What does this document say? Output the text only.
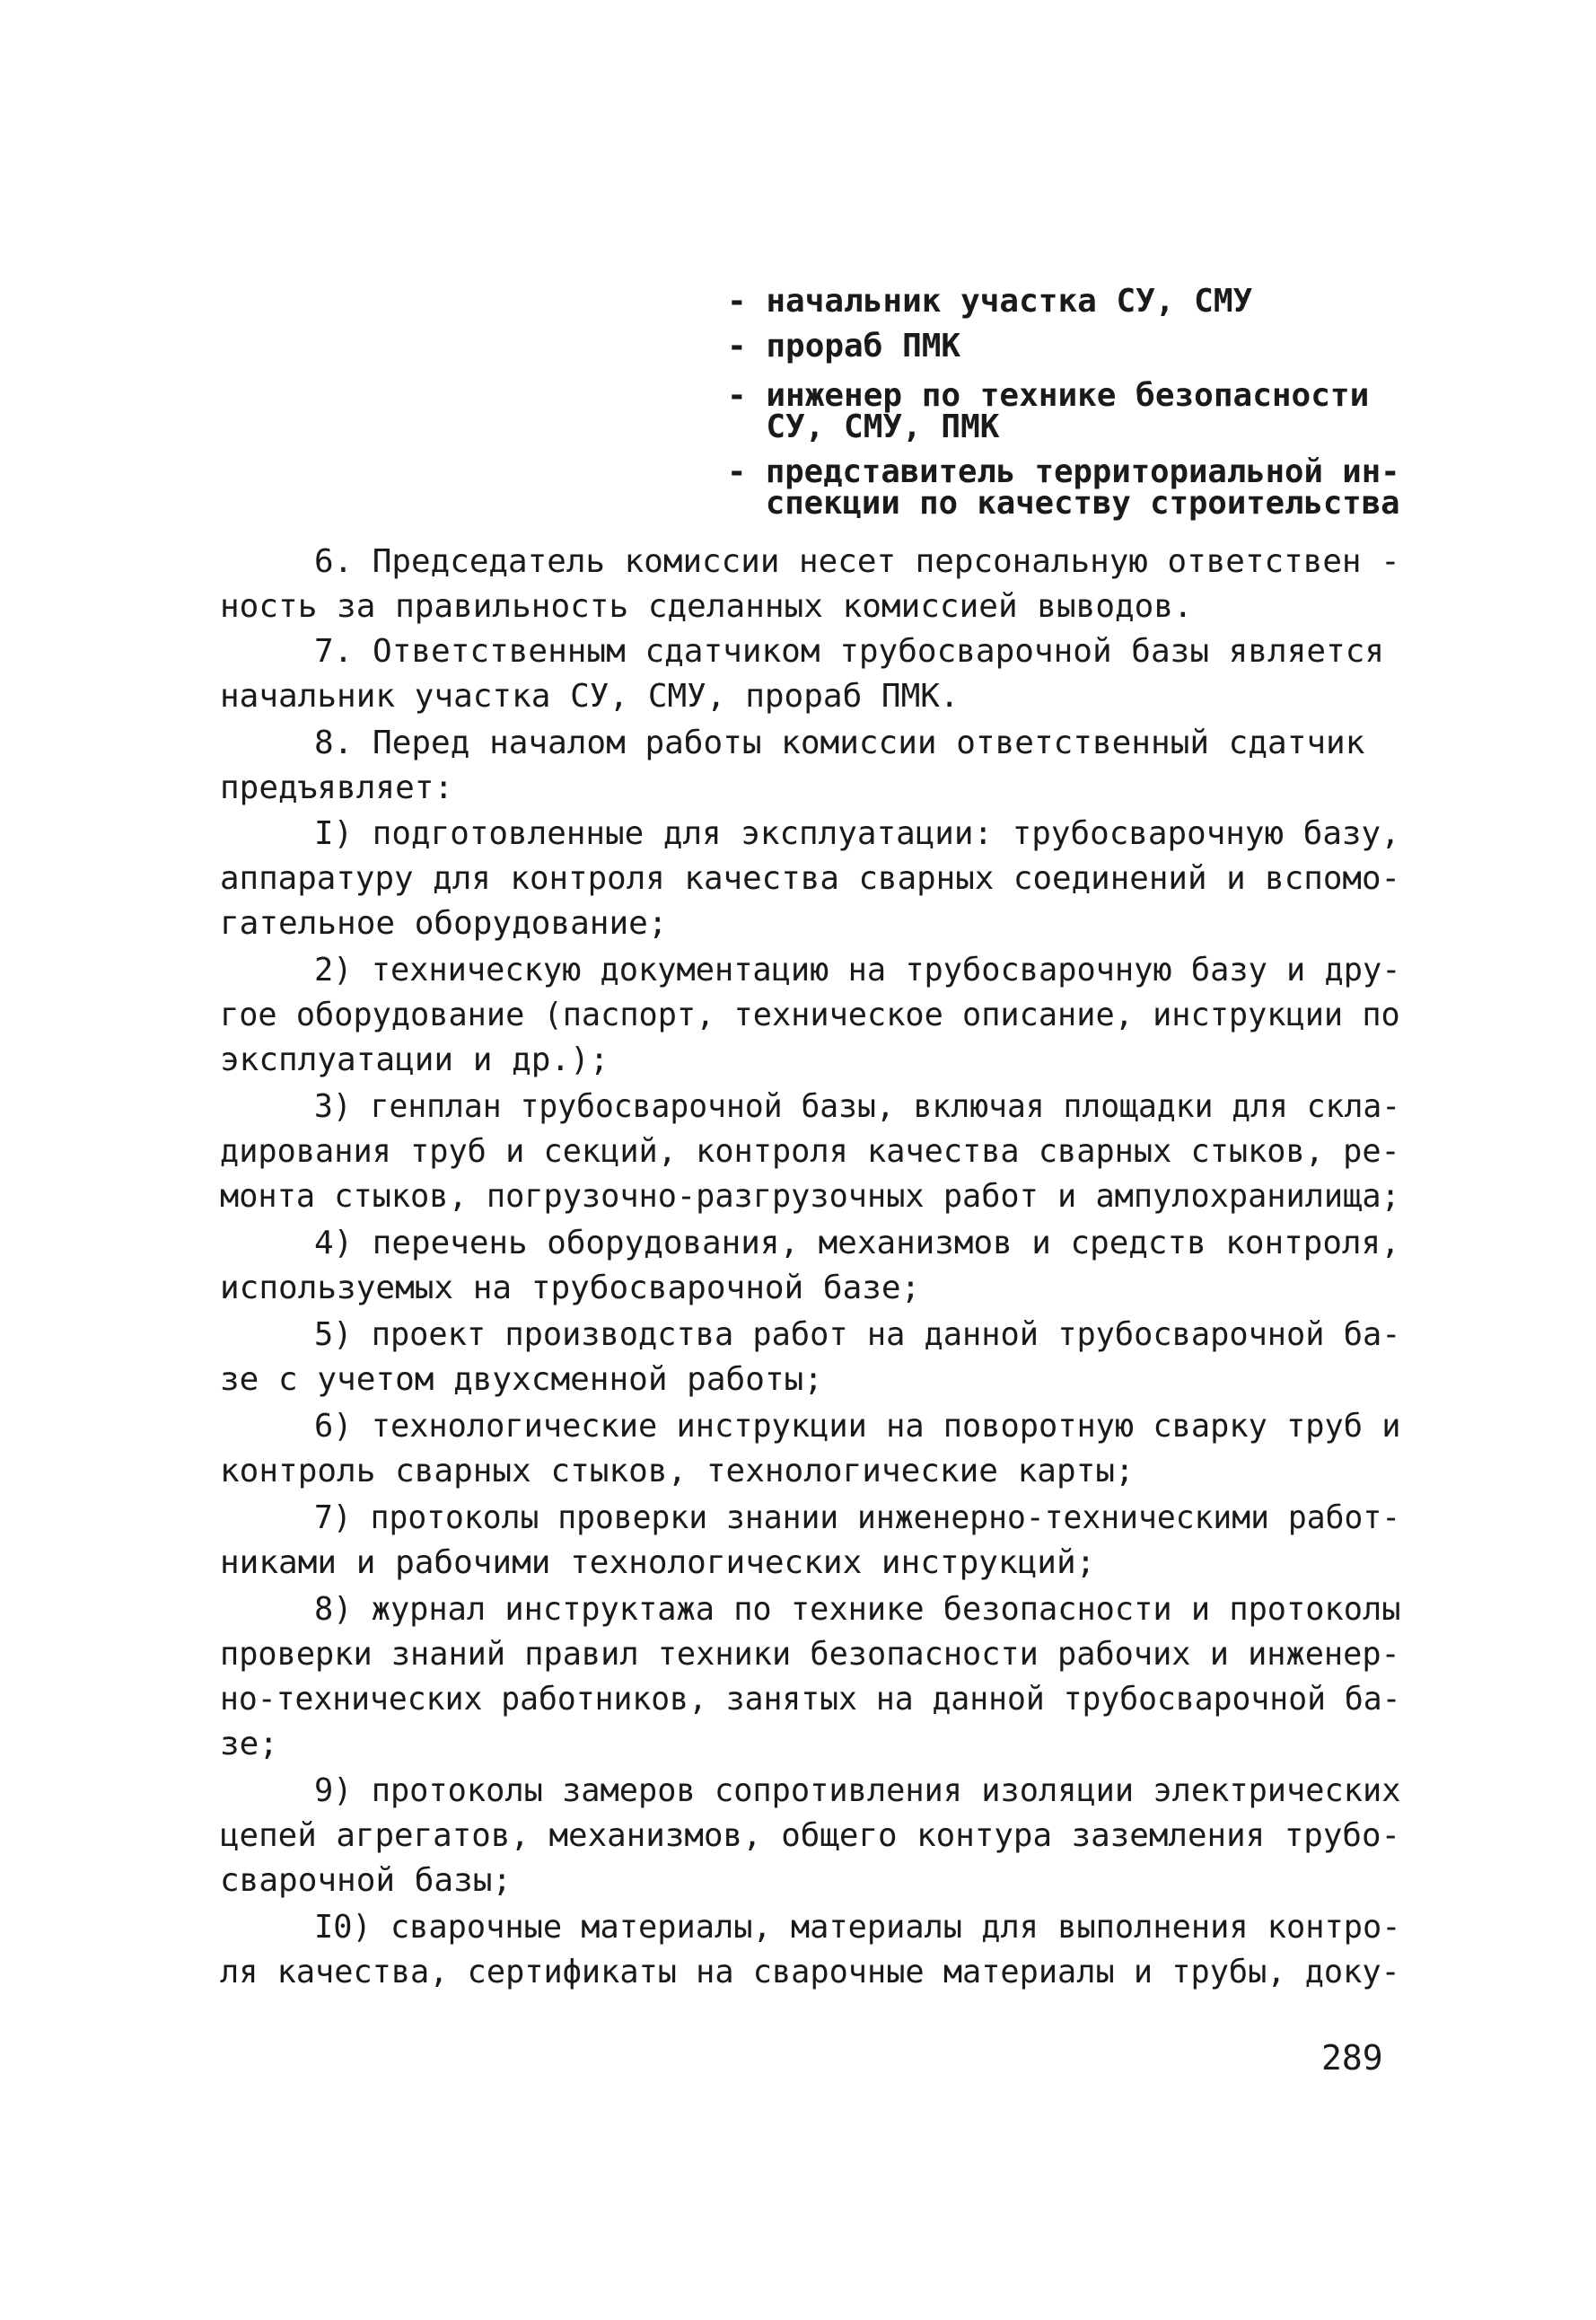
- начальник участка СУ, СМУ
- прораб ПМК
- инженер по технике безопасности
СУ, СМУ, ПМК
- представитель территориальной ин-
спекции по качеству строительства
6. Председатель комиссии несет персональную ответствен -
ность за правильность сделанных комиссией выводов.
7. Ответственным сдатчиком трубосварочной базы является
начальник участка СУ, СМУ, прораб ПМК.
8. Перед началом работы комиссии ответственный сдатчик
предъявляет:
I) подготовленные для эксплуатации: трубосварочную базу,
аппаратуру для контроля качества сварных соединений и вспомо-
гательное оборудование;
2) техническую документацию на трубосварочную базу и дру-
гое оборудование (паспорт, техническое описание, инструкции по
эксплуатации и др.);
3) генплан трубосварочной базы, включая площадки для скла-
дирования труб и секций, контроля качества сварных стыков, ре-
монта стыков, погрузочно-разгрузочных работ и ампулохранилища;
4) перечень оборудования, механизмов и средств контроля,
используемых на трубосварочной базе;
5) проект производства работ на данной трубосварочной ба-
зе с учетом двухсменной работы;
6) технологические инструкции на поворотную сварку труб и
контроль сварных стыков, технологические карты;
7) протоколы проверки знании инженерно-техническими работ-
никами и рабочими технологических инструкций;
8) журнал инструктажа по технике безопасности и протоколы
проверки знаний правил техники безопасности рабочих и инженер-
но-технических работников, занятых на данной трубосварочной ба-
зе;
9) протоколы замеров сопротивления изоляции электрических
цепей агрегатов, механизмов, общего контура заземления трубо-
сварочной базы;
I0) сварочные материалы, материалы для выполнения контро-
ля качества, сертификаты на сварочные материалы и трубы, доку-
289
